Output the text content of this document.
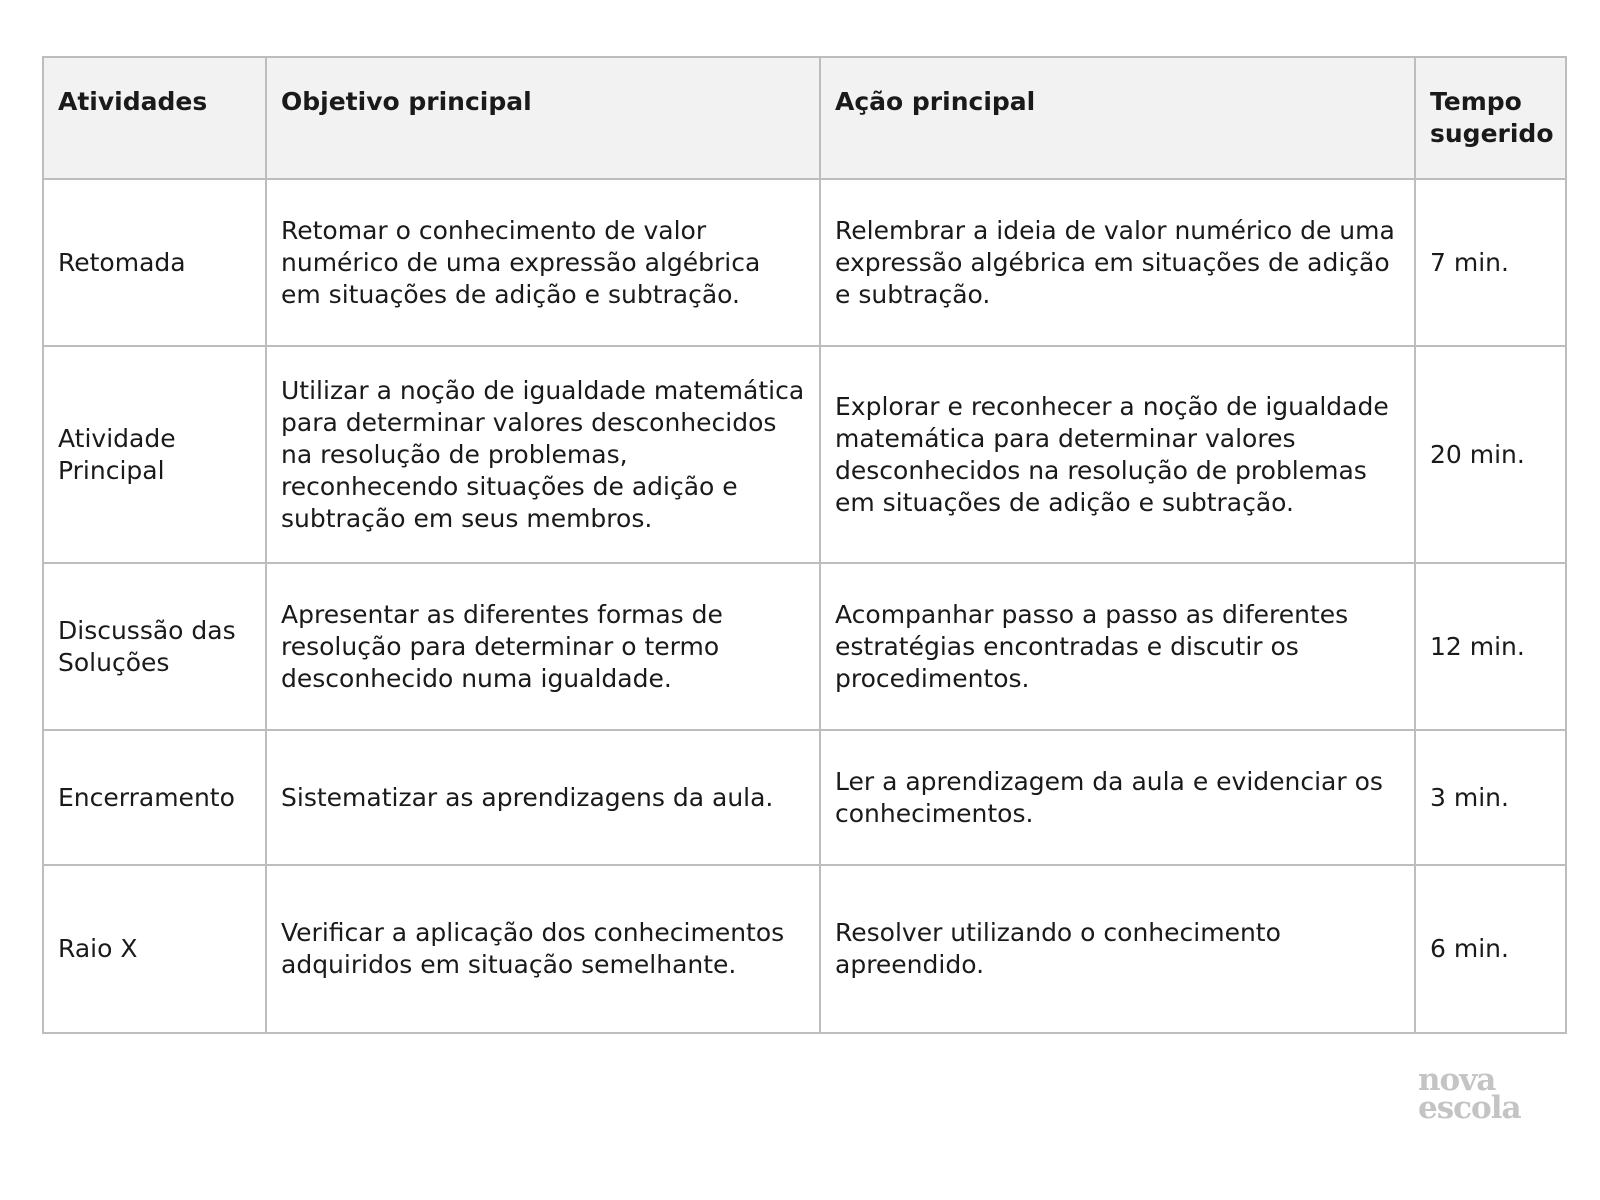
Atividades	Objetivo principal	Ação principal	Tempo sugerido
Retomada	Retomar o conhecimento de valor numérico de uma expressão algébrica em situações de adição e subtração.	Relembrar a ideia de valor numérico de uma expressão algébrica em situações de adição e subtração.	7 min.
Atividade Principal	Utilizar a noção de igualdade matemática para determinar valores desconhecidos na resolução de problemas, reconhecendo situações de adição e subtração em seus membros.	Explorar e reconhecer a noção de igualdade matemática para determinar valores desconhecidos na resolução de problemas em situações de adição e subtração.	20 min.
Discussão das Soluções	Apresentar as diferentes formas de resolução para determinar o termo desconhecido numa igualdade.	Acompanhar passo a passo as diferentes estratégias encontradas e discutir os procedimentos.	12 min.
Encerramento	Sistematizar as aprendizagens da aula.	Ler a aprendizagem da aula e evidenciar os conhecimentos.	3 min.
Raio X	Verificar a aplicação dos conhecimentos adquiridos em situação semelhante.	Resolver utilizando o conhecimento apreendido.	6 min.
nova
escola
